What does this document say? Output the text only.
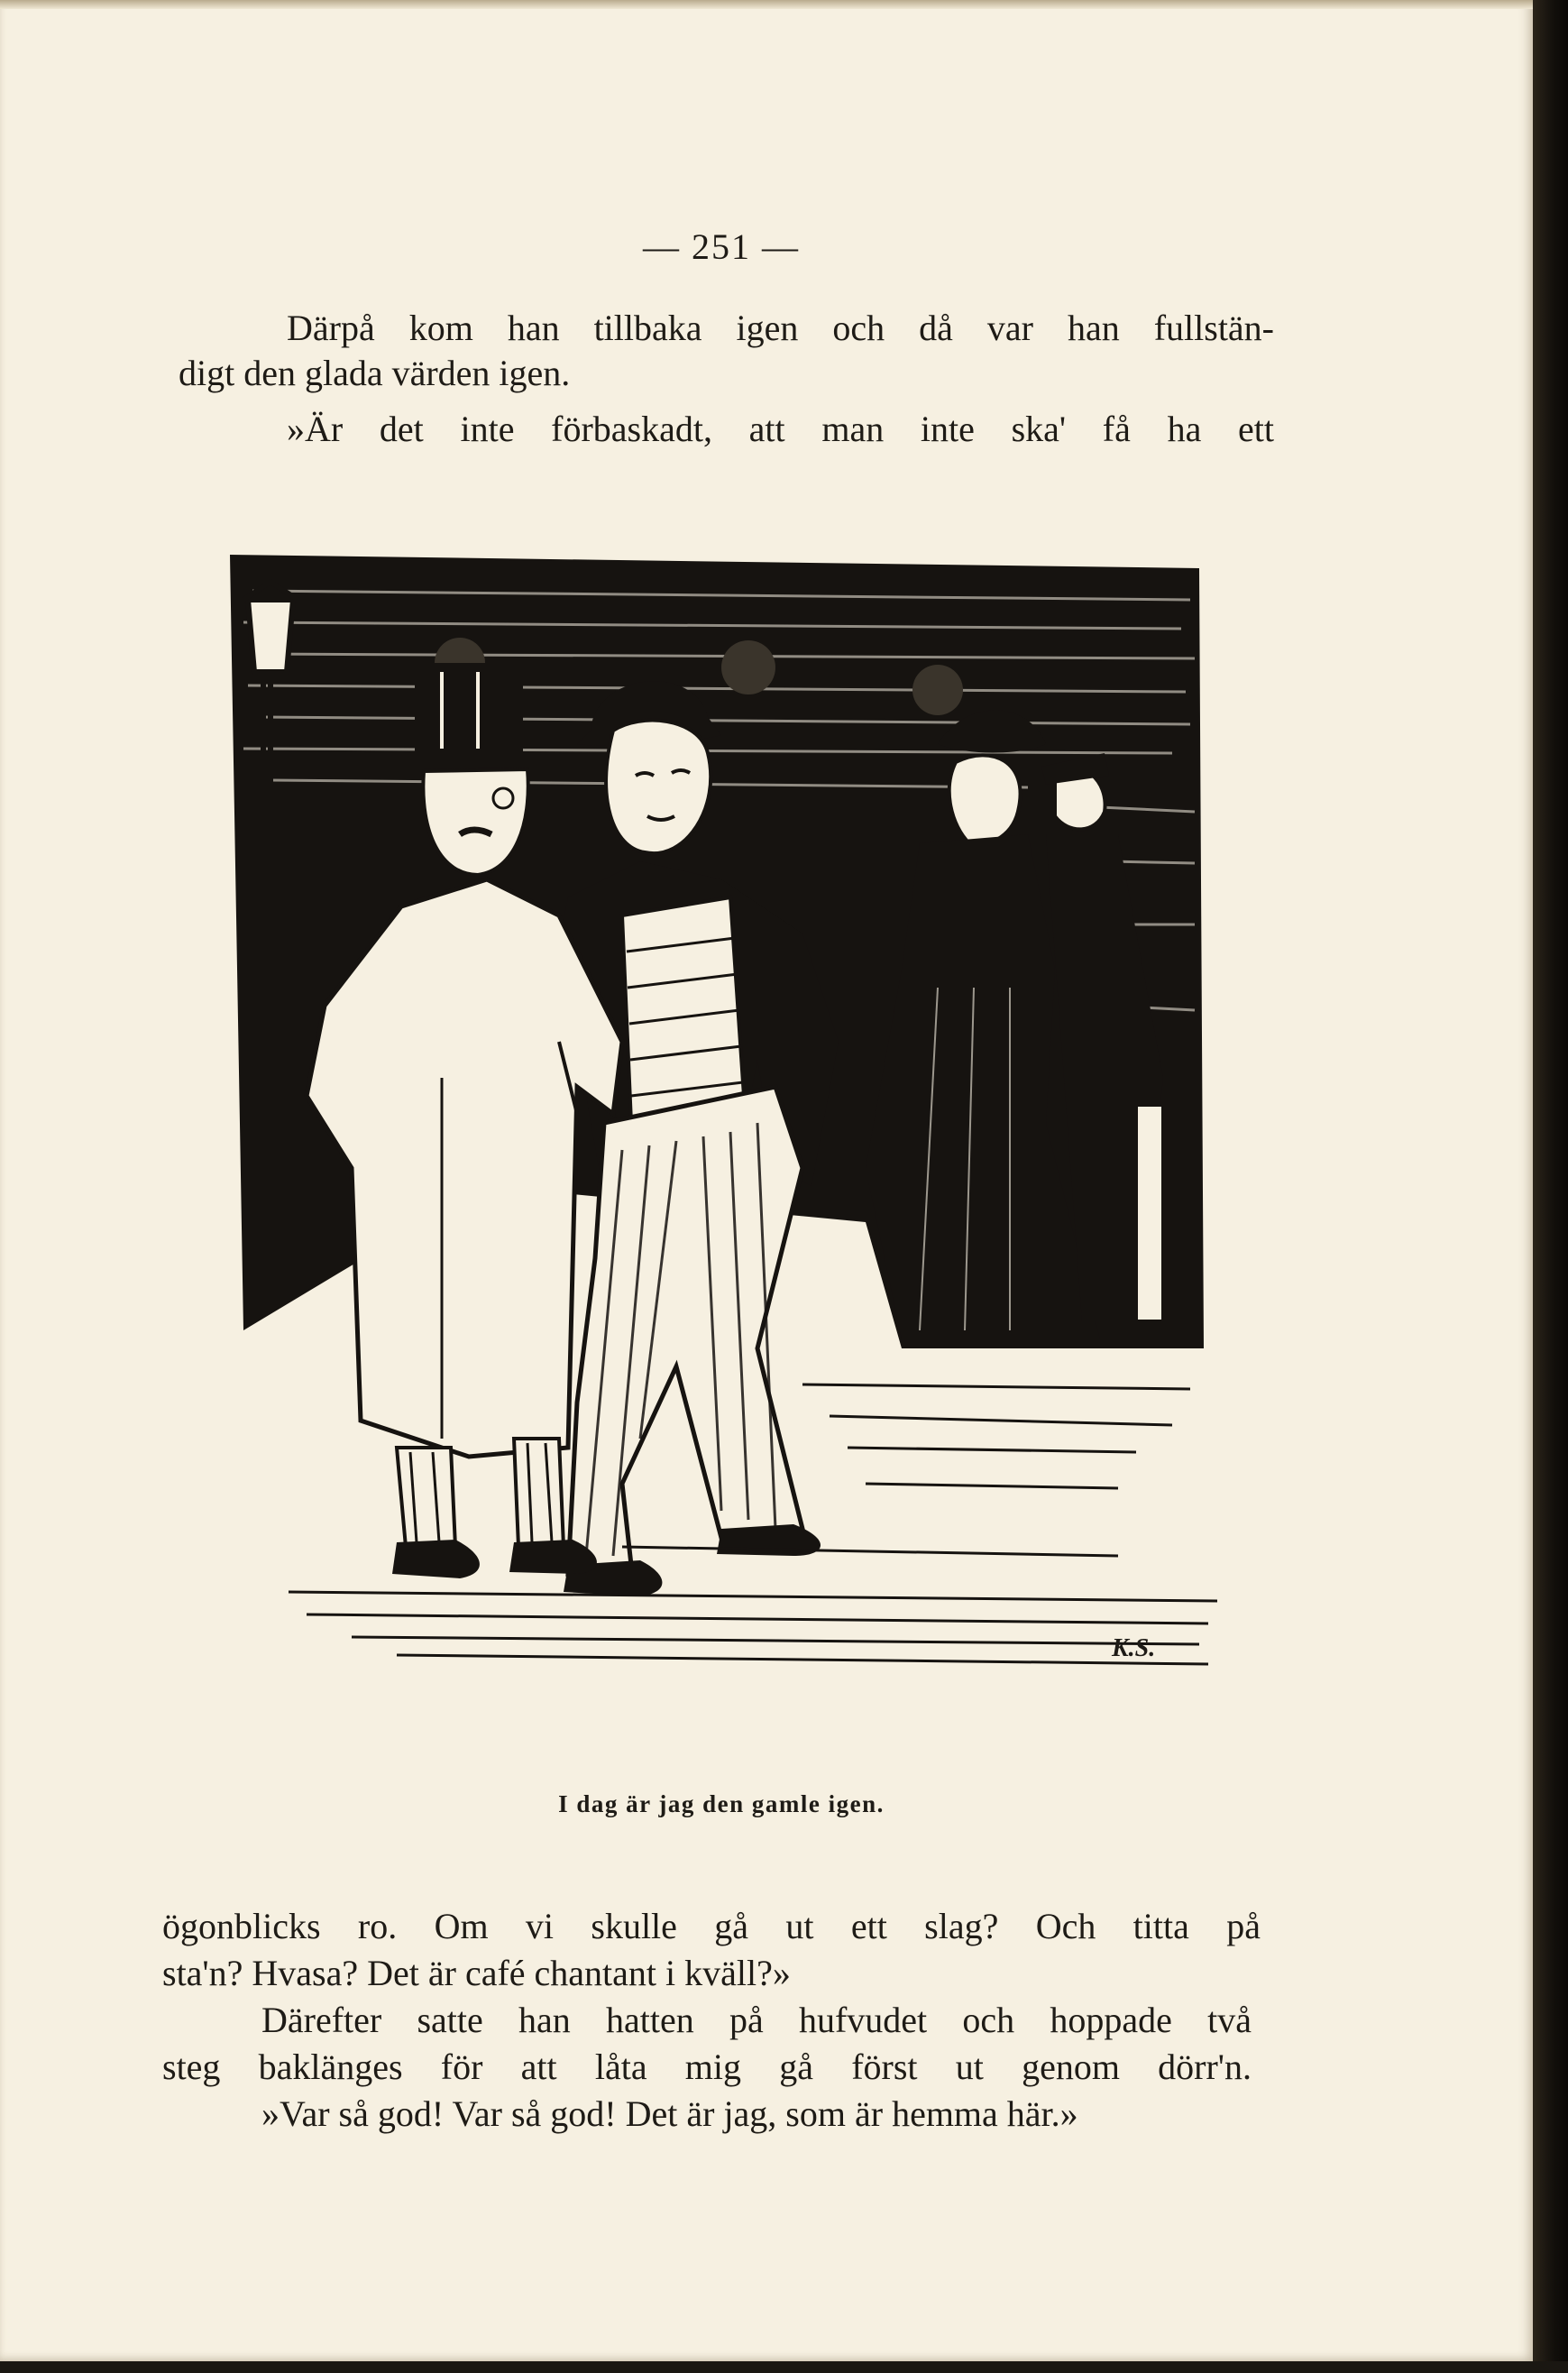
— 251 —
Därpå kom han tillbaka igen och då var han fullstän-
digt den glada värden igen.
»Är det inte förbaskadt, att man inte ska' få ha ett
K.S.
I dag är jag den gamle igen.
ögonblicks ro. Om vi skulle gå ut ett slag? Och titta på
sta'n? Hvasa? Det är café chantant i kväll?»
Därefter satte han hatten på hufvudet och hoppade två
steg baklänges för att låta mig gå först ut genom dörr'n.
»Var så god! Var så god! Det är jag, som är hemma här.»
